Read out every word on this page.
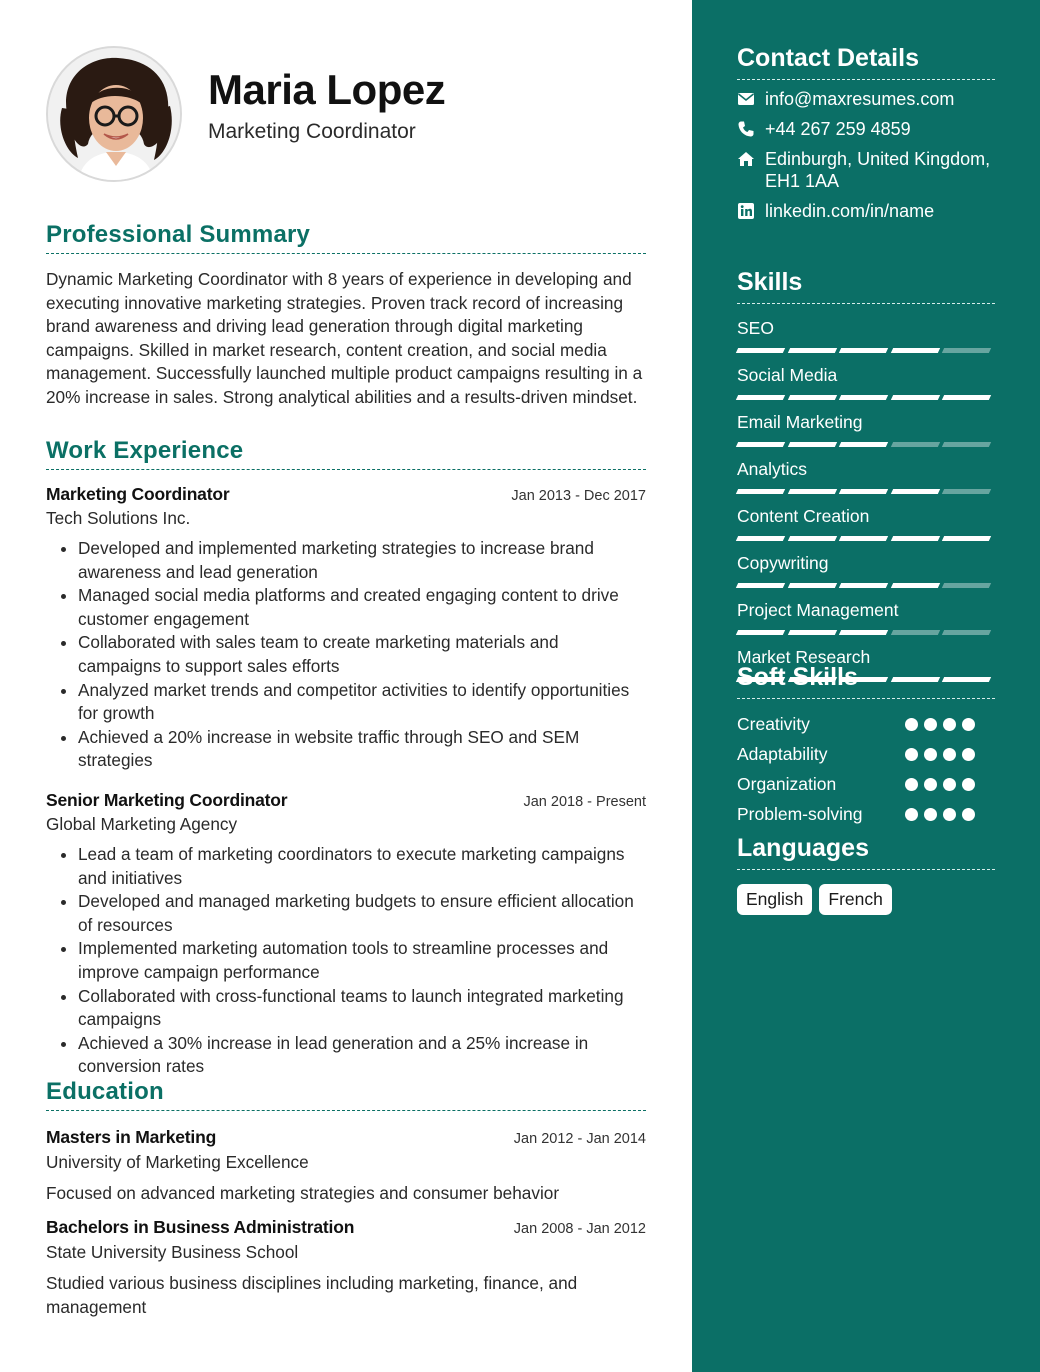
Maria Lopez
Marketing Coordinator
Professional Summary

Dynamic Marketing Coordinator with 8 years of experience in developing and executing innovative marketing strategies. Proven track record of increasing brand awareness and driving lead generation through digital marketing campaigns. Skilled in market research, content creation, and social media management. Successfully launched multiple product campaigns resulting in a 20% increase in sales. Strong analytical abilities and a results-driven mindset.

Work Experience
Marketing Coordinator	Jan 2013 - Dec 2017
Tech Solutions Inc.
• Developed and implemented marketing strategies to increase brand awareness and lead generation
• Managed social media platforms and created engaging content to drive customer engagement
• Collaborated with sales team to create marketing materials and campaigns to support sales efforts
• Analyzed market trends and competitor activities to identify opportunities for growth
• Achieved a 20% increase in website traffic through SEO and SEM strategies
Senior Marketing Coordinator	Jan 2018 - Present
Global Marketing Agency
• Lead a team of marketing coordinators to execute marketing campaigns and initiatives
• Developed and managed marketing budgets to ensure efficient allocation of resources
• Implemented marketing automation tools to streamline processes and improve campaign performance
• Collaborated with cross-functional teams to launch integrated marketing campaigns
• Achieved a 30% increase in lead generation and a 25% increase in conversion rates
Education
Masters in Marketing	Jan 2012 - Jan 2014
University of Marketing Excellence
Focused on advanced marketing strategies and consumer behavior
Bachelors in Business Administration	Jan 2008 - Jan 2012
State University Business School
Studied various business disciplines including marketing, finance, and management
Contact Details
info@maxresumes.com
+44 267 259 4859
Edinburgh, United Kingdom, EH1 1AA
linkedin.com/in/name
Skills
SEO
Social Media
Email Marketing
Analytics
Content Creation
Copywriting
Project Management
Market Research
Soft Skills
Creativity
Adaptability
Organization
Problem-solving
Languages
English	French
